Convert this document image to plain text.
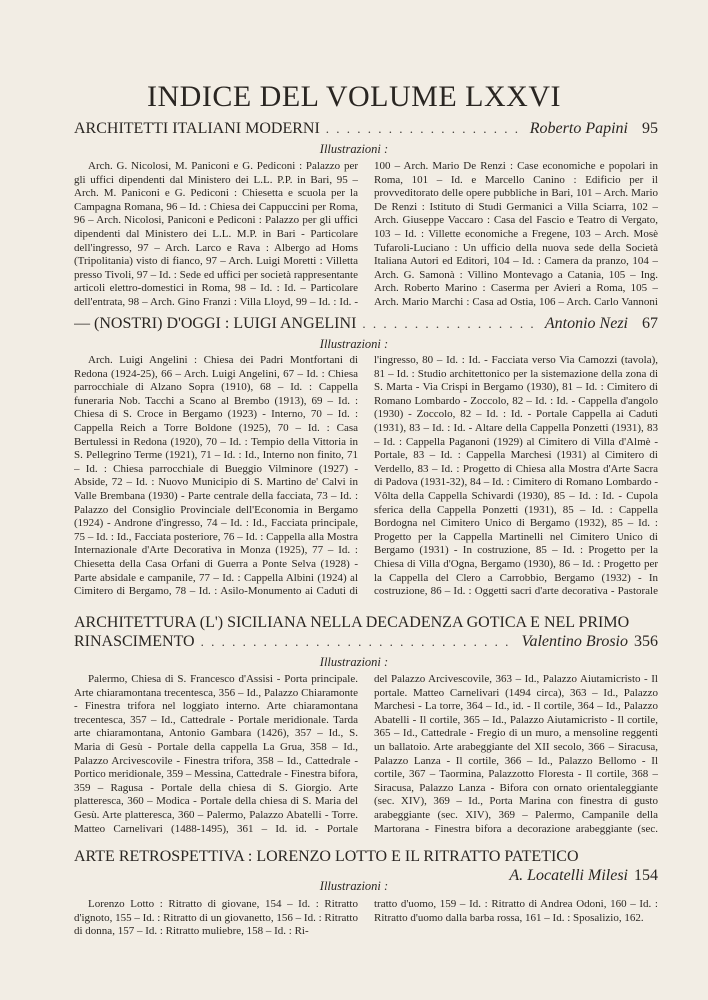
INDICE DEL VOLUME LXXVI
ARCHITETTI ITALIANI MODERNI . . .	Roberto Papini 95
Illustrazioni :
Arch. G. Nicolosi, M. Paniconi e G. Pediconi : Palazzo per gli uffici dipendenti dal Ministero dei L.L. P.P. in Bari, 95 – Arch. M. Paniconi e G. Pediconi : Chiesetta e scuola per la Campagna Romana, 96 – Id. : Chiesa dei Cappuccini per Roma, 96 – Arch. Nicolosi, Paniconi e Pediconi : Palazzo per gli uffici dipendenti dal Ministero dei L.L. M.P. in Bari - Particolare dell'ingresso, 97 – Arch. Larco e Rava : Albergo ad Homs (Tripolitania) visto di fianco, 97 – Arch. Luigi Moretti : Villetta presso Tivoli, 97 – Id. : Sede ed uffici per società rappresentante articoli elettro-domestici in Roma, 98 – Id. : Id. – Particolare dell'entrata, 98 – Arch. Gino Franzi : Villa Lloyd, 99 – Id. : Id. -
100 – Arch. Mario De Renzi : Case economiche e popolari in Roma, 101 – Id. e Marcello Canino : Edificio per il provveditorato delle opere pubbliche in Bari, 101 – Arch. Mario De Renzi : Istituto di Studi Germanici a Villa Sciarra, 102 – Arch. Giuseppe Vaccaro : Casa del Fascio e Teatro di Vergato, 103 – Id. : Villette economiche a Fregene, 103 – Arch. Mosè Tufaroli-Luciano : Un ufficio della nuova sede della Società Italiana Autori ed Editori, 104 – Id. : Camera da pranzo, 104 – Arch. G. Samonà : Villino Montevago a Catania, 105 – Ing. Arch. Roberto Marino : Caserma per Avieri a Roma, 105 – Arch. Mario Marchi : Casa ad Ostia, 106 – Arch. Carlo Vannoni
— (NOSTRI) D'OGGI : LUIGI ANGELINI . . .	Antonio Nezi 67
Illustrazioni :
Arch. Luigi Angelini : Chiesa dei Padri Montfortani di Redona (1924-25), 66 – Arch. Luigi Angelini, 67 – Id. : Chiesa parrocchiale di Alzano Sopra (1910), 68 – Id. : Cappella funeraria Nob. Tacchi a Scano al Brembo (1913), 69 – Id. : Chiesa di S. Croce in Bergamo (1923) - Interno, 70 – Id. : Cappella Reich a Torre Boldone (1925), 70 – Id. : Casa Bertulessi in Redona (1920), 70 – Id. : Tempio della Vittoria in S. Pellegrino Terme (1921), 71 – Id. : Id., Interno non finito, 71 – Id. : Chiesa parrocchiale di Bueggio Vilminore (1927) - Abside, 72 – Id. : Nuovo Municipio di S. Martino de' Calvi in Valle Brembana (1930) - Parte centrale della facciata, 73 – Id. : Palazzo del Consiglio Provinciale dell'Economia in Bergamo (1924) - Androne d'ingresso, 74 – Id. : Id., Facciata principale, 75 – Id. : Id., Facciata posteriore, 76 – Id. : Cappella alla Mostra Internazionale d'Arte Decorativa in Monza (1925), 77 – Id. : Chiesetta della Casa Orfani di Guerra a Ponte Selva (1928) - Parte absidale e campanile, 77 – Id. : Cappella Albini (1924) al Cimitero di Bergamo, 78 – Id. : Asilo-Monumento ai Caduti di
l'ingresso, 80 – Id. : Id. - Facciata verso Via Camozzi (tavola), 81 – Id. : Studio architettonico per la sistemazione della zona di S. Marta - Via Crispi in Bergamo (1930), 81 – Id. : Cimitero di Romano Lombardo - Zoccolo, 82 – Id. : Id. - Cappella d'angolo (1930) - Zoccolo, 82 – Id. : Id. - Portale Cappella ai Caduti (1931), 83 – Id. : Id. - Altare della Cappella Ponzetti (1931), 83 – Id. : Cappella Paganoni (1929) al Cimitero di Villa d'Almè - Portale, 83 – Id. : Cappella Marchesi (1931) al Cimitero di Verdello, 83 – Id. : Progetto di Chiesa alla Mostra d'Arte Sacra di Padova (1931-32), 84 – Id. : Cimitero di Romano Lombardo - Vôlta della Cappella Schivardi (1930), 85 – Id. : Id. - Cupola sferica della Cappella Ponzetti (1931), 85 – Id. : Cappella Bordogna nel Cimitero Unico di Bergamo (1932), 85 – Id. : Progetto per la Cappella Martinelli nel Cimitero Unico di Bergamo (1931) - In costruzione, 85 – Id. : Progetto per la Chiesa di Villa d'Ogna, Bergamo (1930), 86 – Id. : Progetto per la Cappella del Clero a Carrobbio, Bergamo (1932) - In costruzione, 86 – Id. : Oggetti sacri d'arte decorativa - Pastorale
ARCHITETTURA (L') SICILIANA NELLA DECADENZA GOTICA E NEL PRIMO
RINASCIMENTO . . .	Valentino Brosio 356
Illustrazioni :
Palermo, Chiesa di S. Francesco d'Assisi - Porta principale. Arte chiaramontana trecentesca, 356 – Id., Palazzo Chiaramonte - Finestra trifora nel loggiato interno. Arte chiaramontana trecentesca, 357 – Id., Cattedrale - Portale meridionale. Tarda arte chiaramontana, Antonio Gambara (1426), 357 – Id., S. Maria di Gesù - Portale della cappella La Grua, 358 – Id., Palazzo Arcivescovile - Finestra trifora, 358 – Id., Cattedrale - Portico meridionale, 359 – Messina, Cattedrale - Finestra bifora, 359 – Ragusa - Portale della chiesa di S. Giorgio. Arte platteresca, 360 – Modica - Portale della chiesa di S. Maria del Gesù. Arte platteresca, 360 – Palermo, Palazzo Abatelli - Torre. Matteo Carnelivari (1488-1495), 361 – Id. id. - Portale
del Palazzo Arcivescovile, 363 – Id., Palazzo Aiutamicristo - Il portale. Matteo Carnelivari (1494 circa), 363 – Id., Palazzo Marchesi - La torre, 364 – Id., id. - Il cortile, 364 – Id., Palazzo Abatelli - Il cortile, 365 – Id., Palazzo Aiutamicristo - Il cortile, 365 – Id., Cattedrale - Fregio di un muro, a mensoline reggenti un ballatoio. Arte arabeggiante del XII secolo, 366 – Siracusa, Palazzo Lanza - Il cortile, 366 – Id., Palazzo Bellomo - Il cortile, 367 – Taormina, Palazzotto Floresta - Il cortile, 368 – Siracusa, Palazzo Lanza - Bifora con ornato orientaleggiante (sec. XIV), 369 – Id., Porta Marina con finestra di gusto arabeggiante (sec. XIV), 369 – Palermo, Campanile della Martorana - Finestra bifora a decorazione arabeggiante (sec.
ARTE RETROSPETTIVA : LORENZO LOTTO E IL RITRATTO PATETICO
A. Locatelli Milesi 154
Illustrazioni :
Lorenzo Lotto : Ritratto di giovane, 154 – Id. : Ritratto d'ignoto, 155 – Id. : Ritratto di un giovanetto, 156 – Id. : Ritratto di donna, 157 – Id. : Ritratto muliebre, 158 – Id. : Ri-
tratto d'uomo, 159 – Id. : Ritratto di Andrea Odoni, 160 – Id. : Ritratto d'uomo dalla barba rossa, 161 – Id. : Sposalizio, 162.
